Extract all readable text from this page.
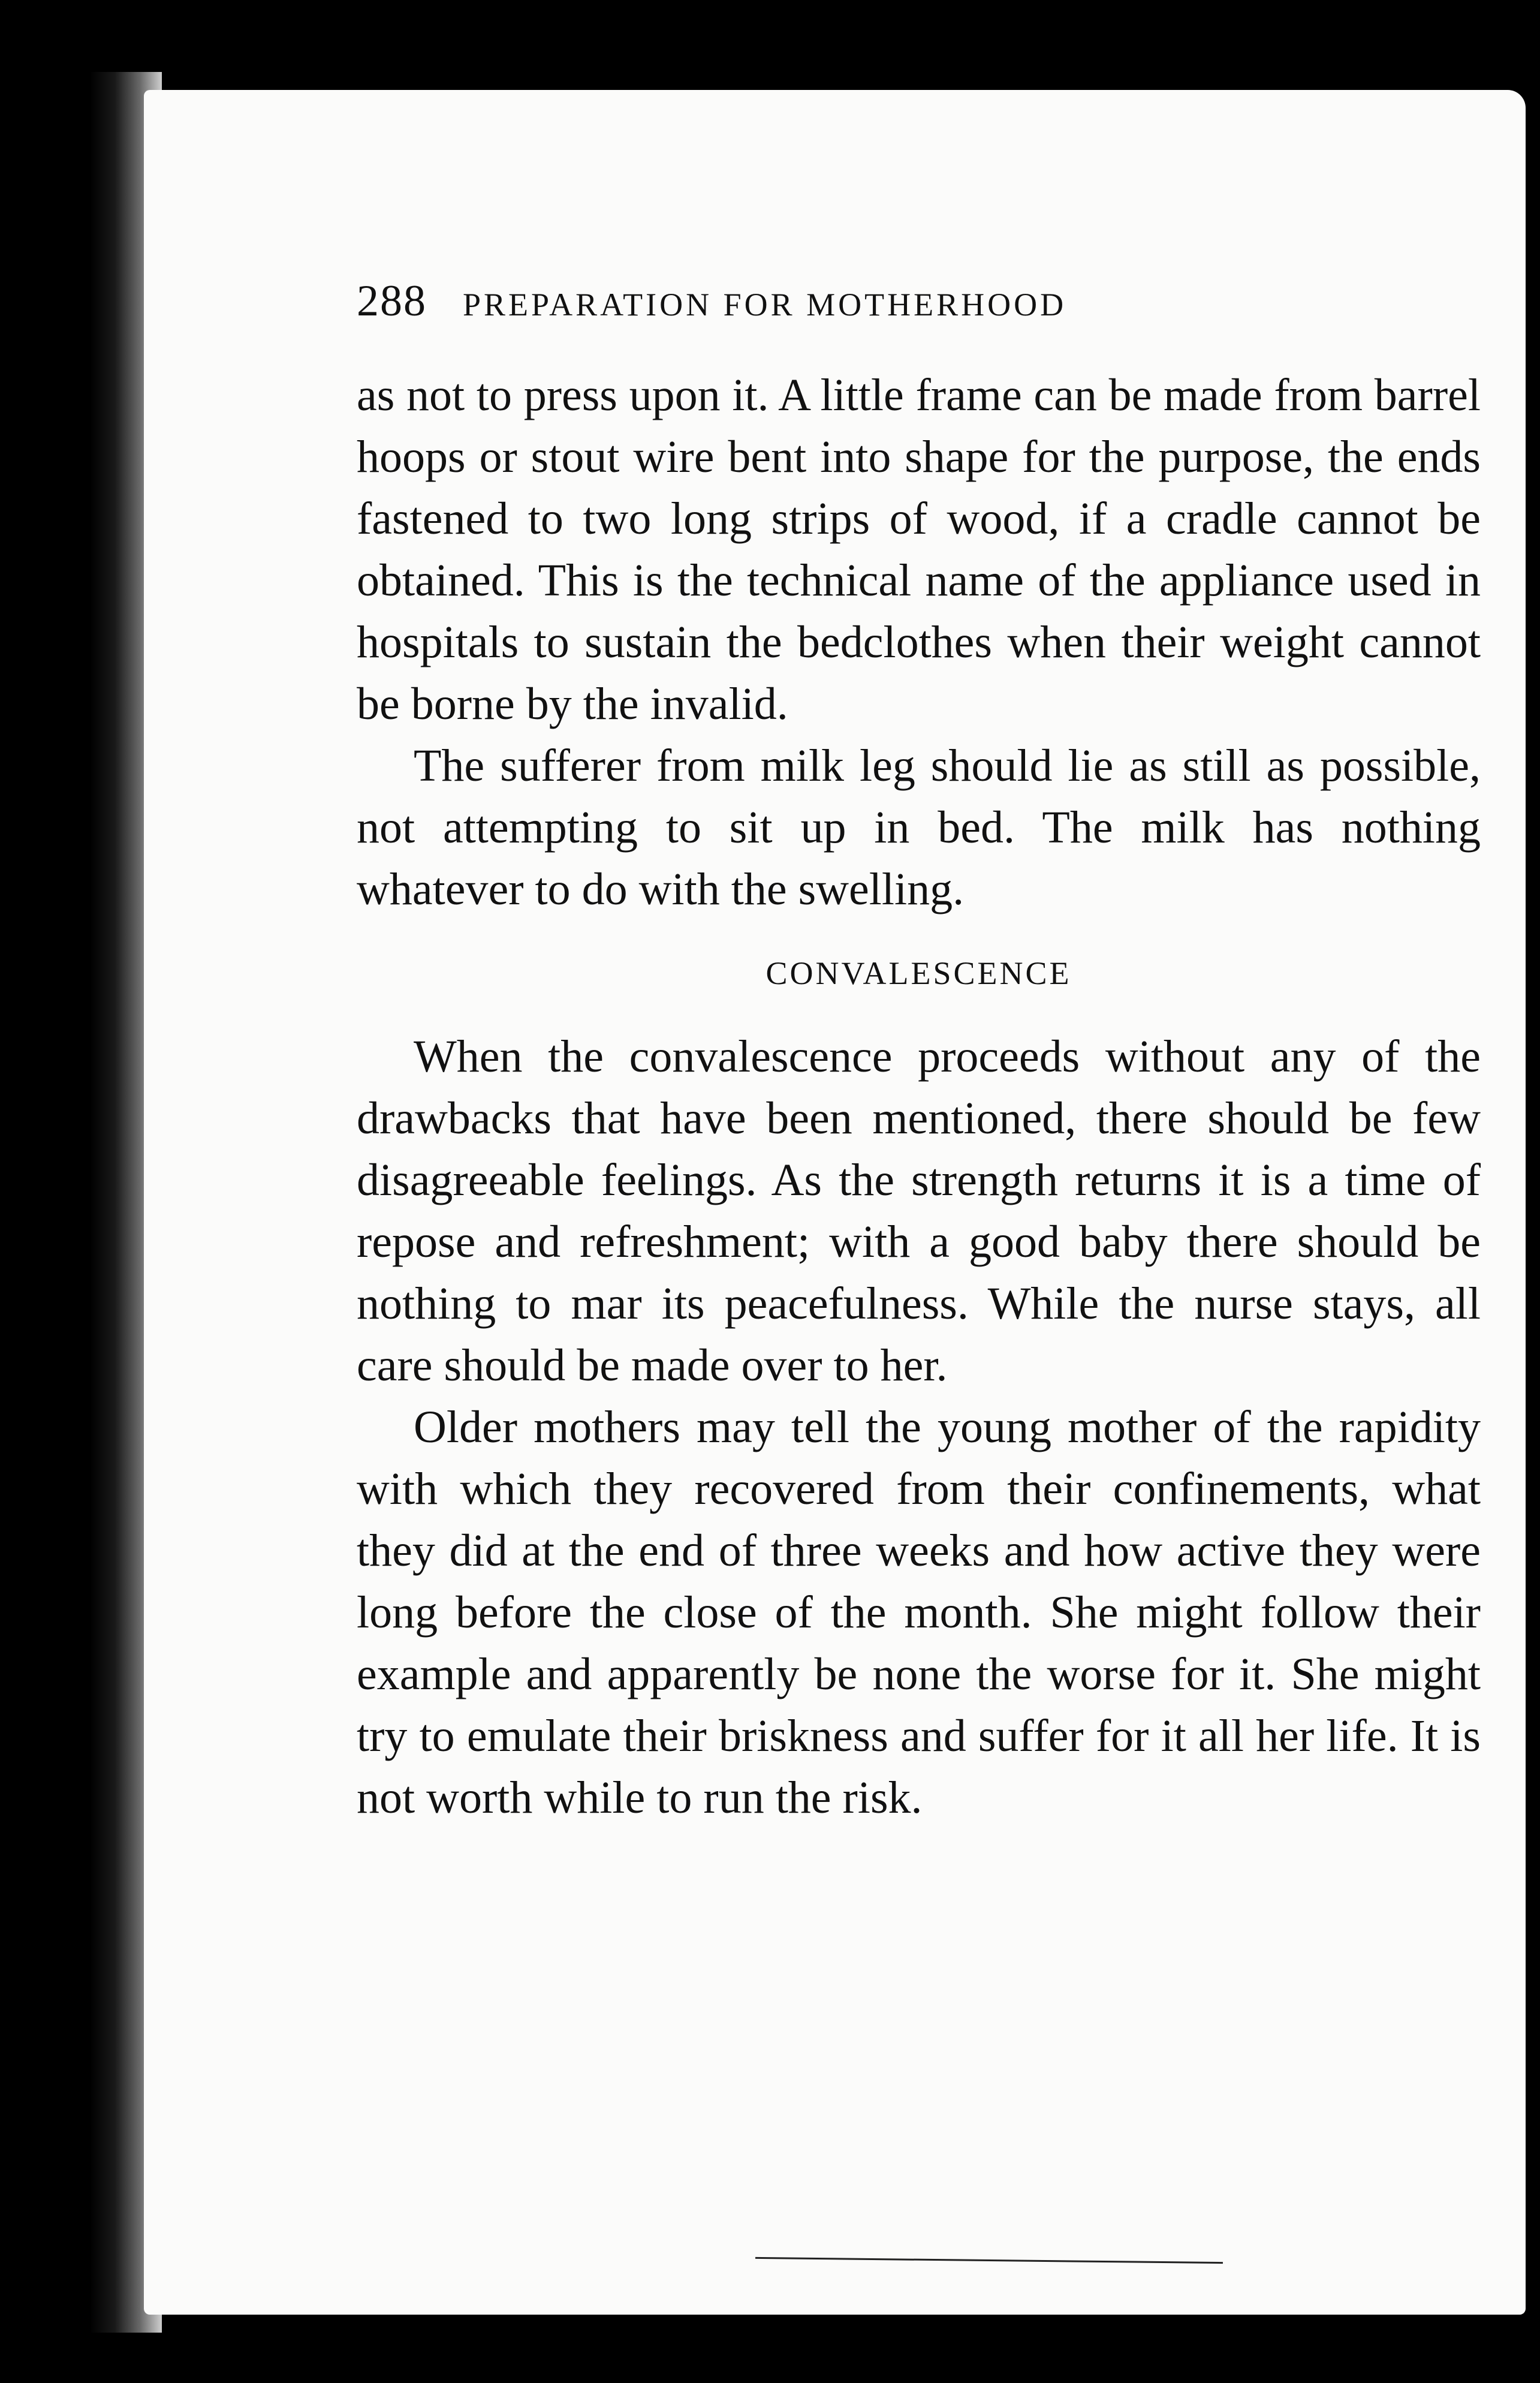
288 PREPARATION FOR MOTHERHOOD

as not to press upon it. A little frame can be made from barrel hoops or stout wire bent into shape for the purpose, the ends fastened to two long strips of wood, if a cradle cannot be obtained. This is the technical name of the appliance used in hospitals to sustain the bedclothes when their weight cannot be borne by the invalid.

The sufferer from milk leg should lie as still as possible, not attempting to sit up in bed. The milk has nothing whatever to do with the swelling.

CONVALESCENCE

When the convalescence proceeds without any of the drawbacks that have been mentioned, there should be few disagreeable feelings. As the strength returns it is a time of repose and refreshment; with a good baby there should be nothing to mar its peacefulness. While the nurse stays, all care should be made over to her.

Older mothers may tell the young mother of the rapidity with which they recovered from their confinements, what they did at the end of three weeks and how active they were long before the close of the month. She might follow their example and apparently be none the worse for it. She might try to emulate their briskness and suffer for it all her life. It is not worth while to run the risk.
